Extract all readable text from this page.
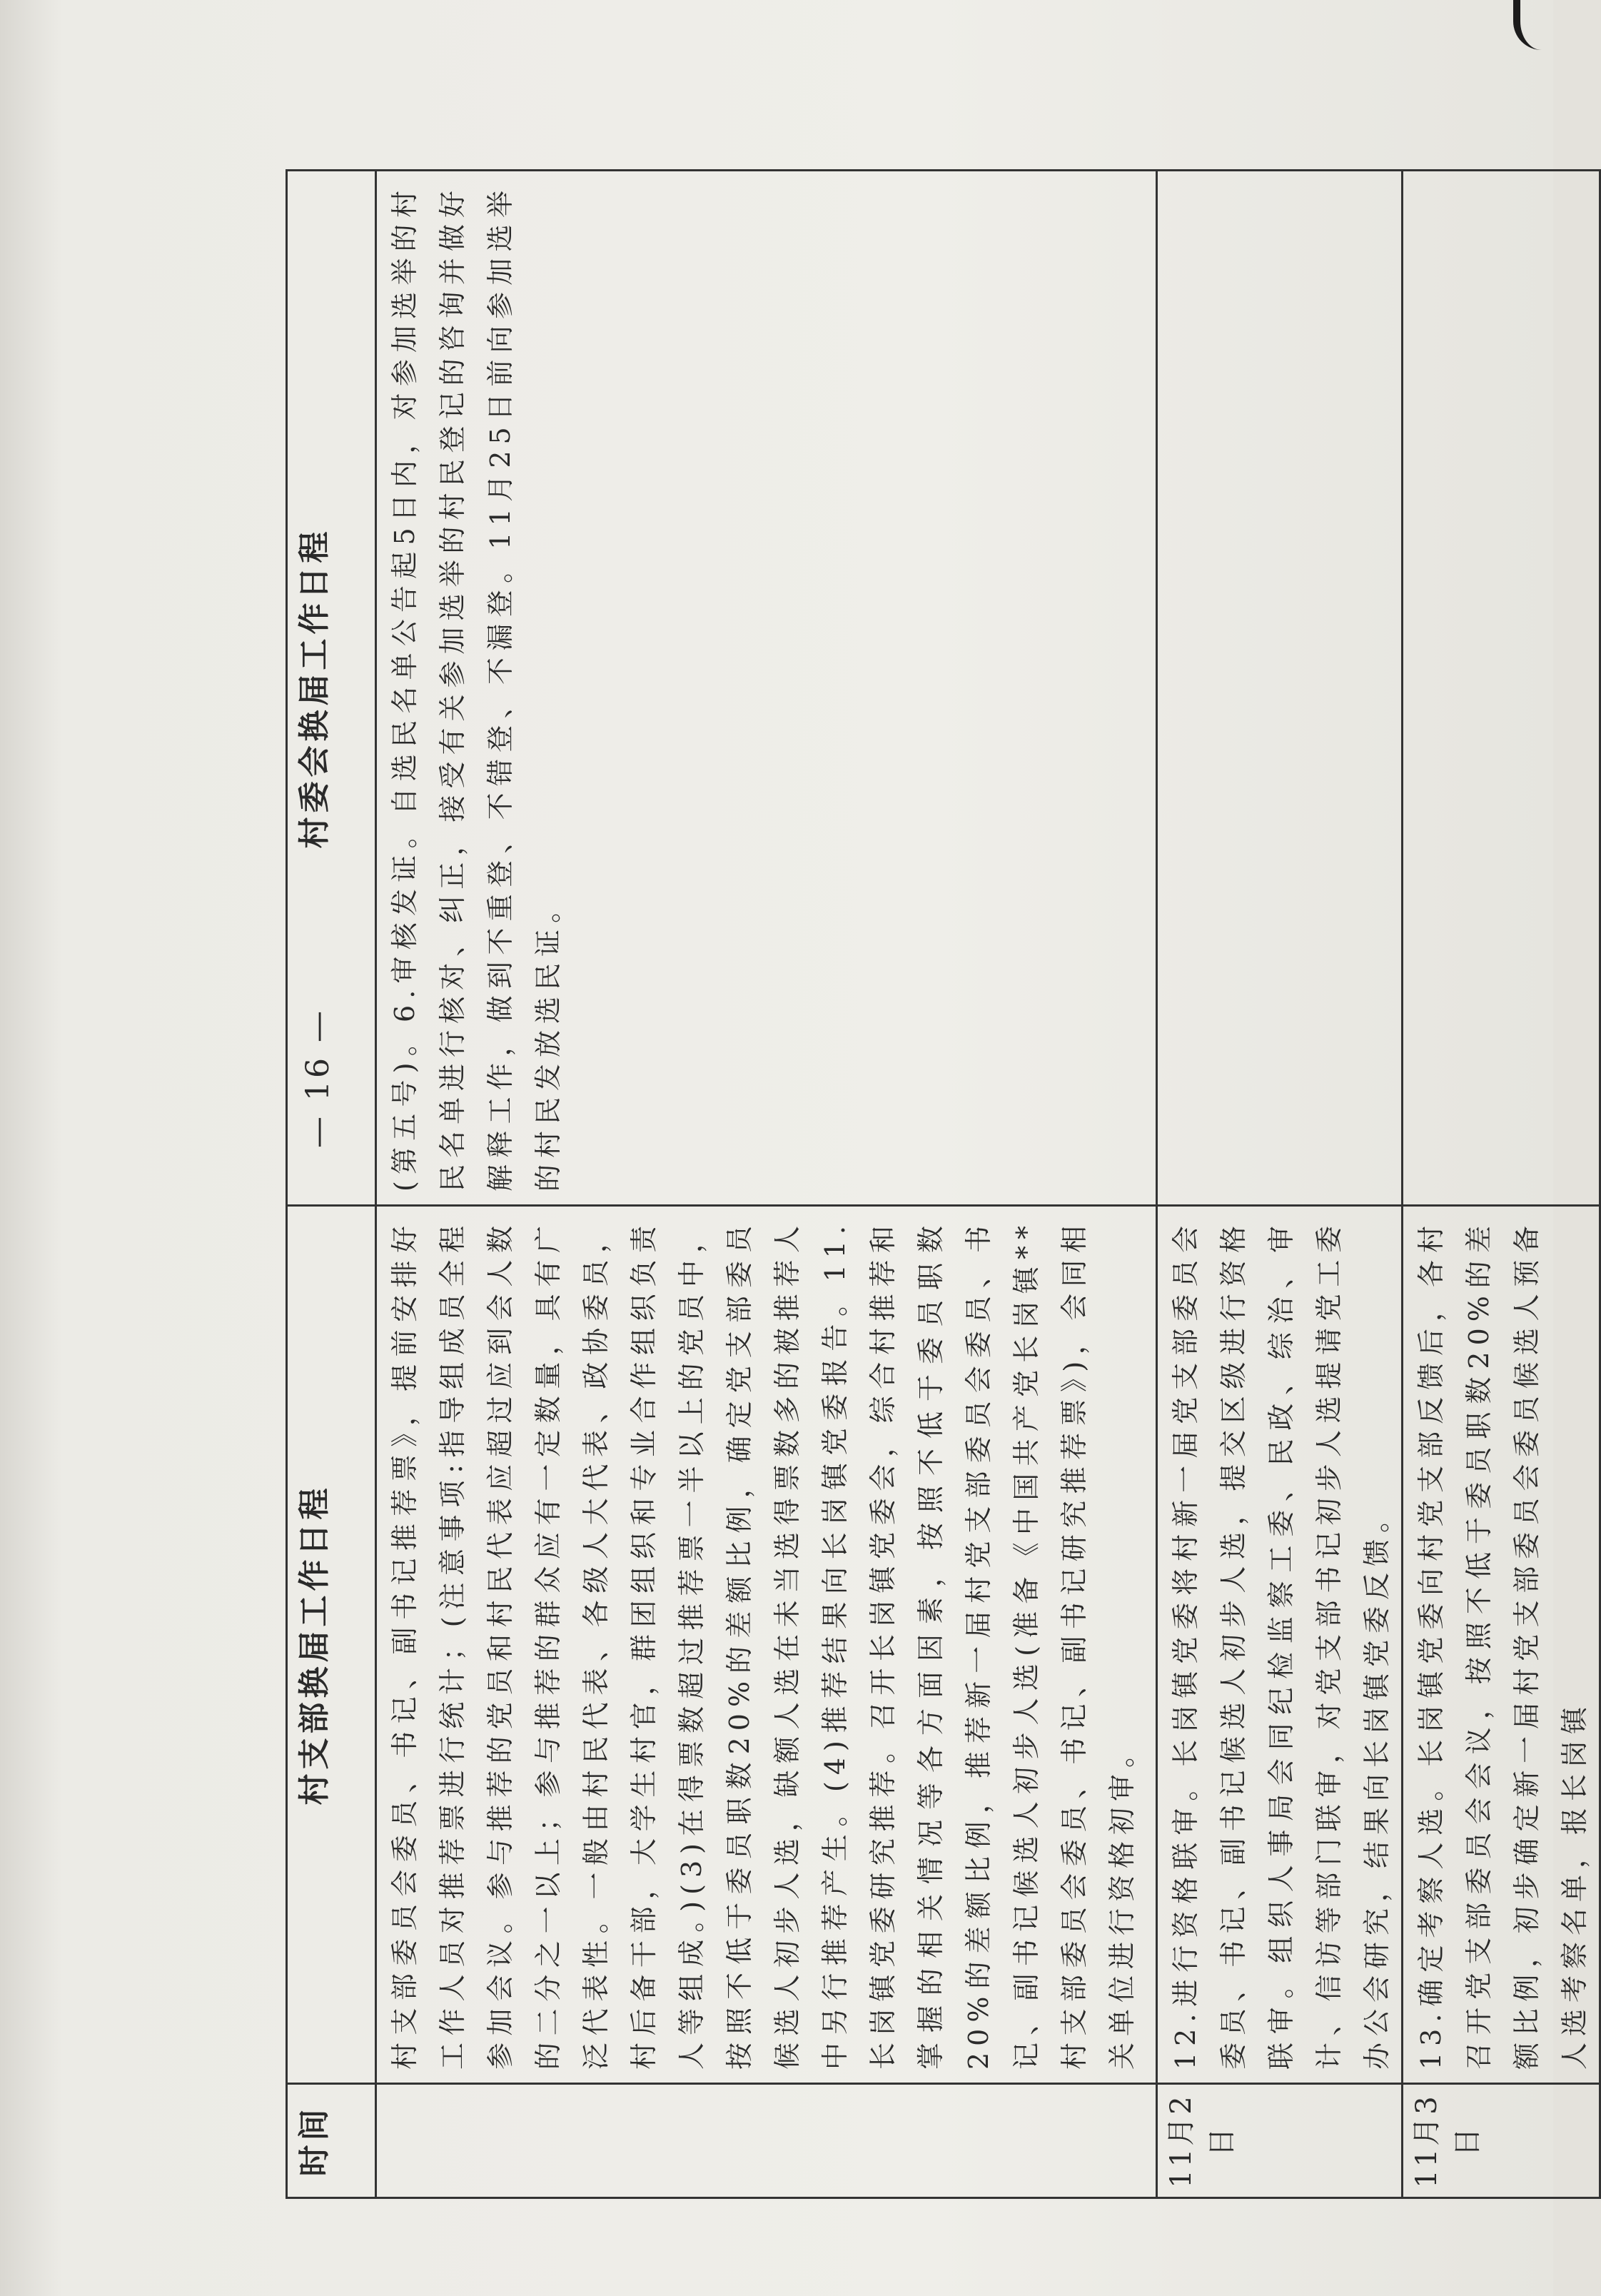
时间	村支部换届工作日程	村委会换届工作日程
	村支部委员会委员、书记、副书记推荐票》，提前安排好工作人员对推荐票进行统计；(注意事项:指导组成员全程参加会议。参与推荐的党员和村民代表应超过应到会人数的二分之一以上；参与推荐的群众应有一定数量，具有广泛代表性。一般由村民代表、各级人大代表、政协委员，村后备干部，大学生村官，群团组织和专业合作组织负责人等组成。)(3)在得票数超过推荐票一半以上的党员中，按照不低于委员职数20%的差额比例，确定党支部委员候选人初步人选，缺额人选在未当选得票数多的被推荐人中另行推荐产生。(4)推荐结果向长岗镇党委报告。11.长岗镇党委研究推荐。召开长岗镇党委会，综合村推荐和掌握的相关情况等各方面因素，按照不低于委员职数20%的差额比例，推荐新一届村党支部委员会委员、书记、副书记候选人初步人选(准备《中国共产党长岗镇**村支部委员会委员、书记、副书记研究推荐票》)，会同相关单位进行资格初审。	(第五号)。6.审核发证。自选民名单公告起5日内，对参加选举的村民名单进行核对、纠正，接受有关参加选举的村民登记的咨询并做好解释工作，做到不重登、不错登、不漏登。11月25日前向参加选举的村民发放选民证。
11月2日	12.进行资格联审。长岗镇党委将村新一届党支部委员会委员、书记、副书记候选人初步人选，提交区级进行资格联审。组织人事局会同纪检监察工委、民政、综治、审计、信访等部门联审，对党支部书记初步人选提请党工委办公会研究，结果向长岗镇党委反馈。	
11月3日	13.确定考察人选。长岗镇党委向村党支部反馈后，各村召开党支部委员会会议，按照不低于委员职数20%的差额比例，初步确定新一届村党支部委员会委员候选人预备人选考察名单，报长岗镇	
— 16 —
